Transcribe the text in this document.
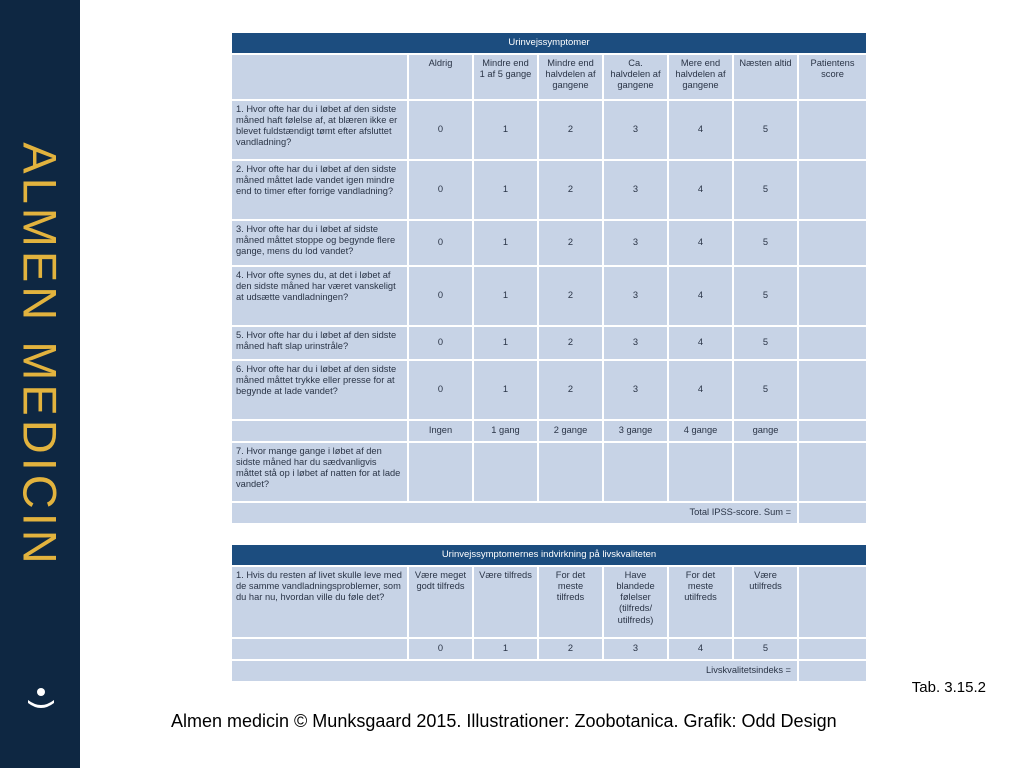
ALMEN MEDICIN
Urinvejssymptomer							
	Aldrig	Mindre end 1 af 5 gange	Mindre end halvdelen af gangene	Ca. halvdelen af gangene	Mere end halvdelen af gangene	Næsten altid	Patientens score
1. Hvor ofte har du i løbet af den sidste måned haft følelse af, at blæren ikke er blevet fuldstændigt tømt efter afsluttet vandladning?	0	1	2	3	4	5	
2. Hvor ofte har du i løbet af den sidste måned måttet lade vandet igen mindre end to timer efter forrige vandladning?	0	1	2	3	4	5	
3. Hvor ofte har du i løbet af sidste måned måttet stoppe og begynde flere gange, mens du lod vandet?	0	1	2	3	4	5	
4. Hvor ofte synes du, at det i løbet af den sidste måned har været vanskeligt at udsætte vandladningen?	0	1	2	3	4	5	
5. Hvor ofte har du i løbet af den sidste måned haft slap urinstråle?	0	1	2	3	4	5	
6. Hvor ofte har du i løbet af den sidste måned måttet trykke eller presse for at begynde at lade vandet?	0	1	2	3	4	5	
	Ingen	1 gang	2 gange	3 gange	4 gange	gange	
7. Hvor mange gange i løbet af den sidste måned har du sædvanligvis måttet stå op i løbet af natten for at lade vandet?							
Total IPSS-score. Sum =							
Urinvejssymptomernes indvirkning på livskvaliteten							
1. Hvis du resten af livet skulle leve med de samme vandladningsproblemer, som du har nu, hvordan ville du føle det?	Være meget godt tilfreds	Være tilfreds	For det meste tilfreds	Have blandede følelser (tilfreds/ utilfreds)	For det meste utilfreds	Være utilfreds	
	0	1	2	3	4	5	
Livskvalitetsindeks =							
Tab. 3.15.2
Almen medicin © Munksgaard 2015. Illustrationer: Zoobotanica. Grafik: Odd Design
